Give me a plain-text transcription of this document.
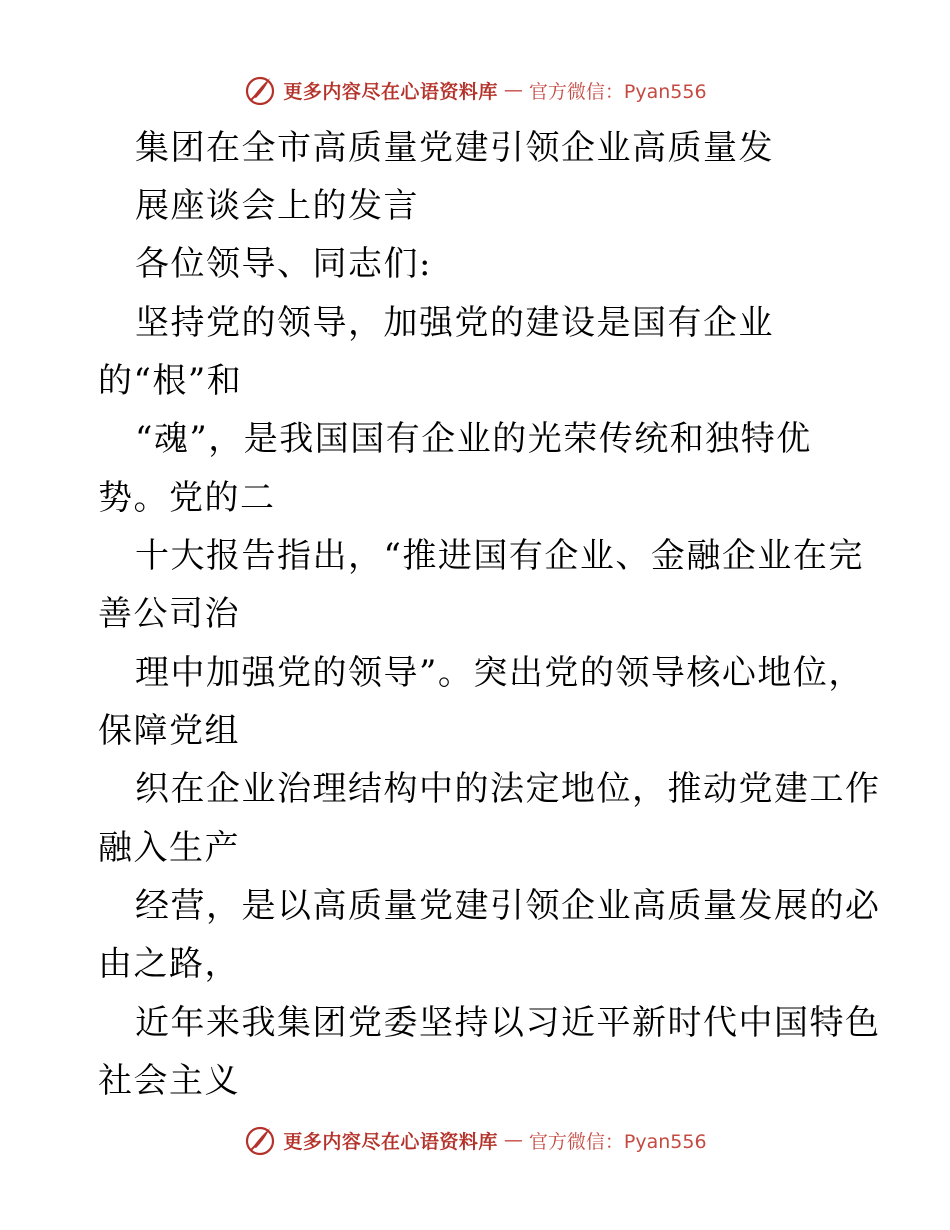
更多内容尽在心语资料库 — 官方微信：Pyan556
集团在全市高质量党建引领企业高质量发
展座谈会上的发言
各位领导、同志们:
坚持党的领导，加强党的建设是国有企业
的“根”和
“魂”，是我国国有企业的光荣传统和独特优
势。党的二
十大报告指出，“推进国有企业、金融企业在完
善公司治
理中加强党的领导”。突出党的领导核心地位，
保障党组
织在企业治理结构中的法定地位，推动党建工作
融入生产
经营，是以高质量党建引领企业高质量发展的必
由之路，
近年来我集团党委坚持以习近平新时代中国特色
社会主义
更多内容尽在心语资料库 — 官方微信：Pyan556
